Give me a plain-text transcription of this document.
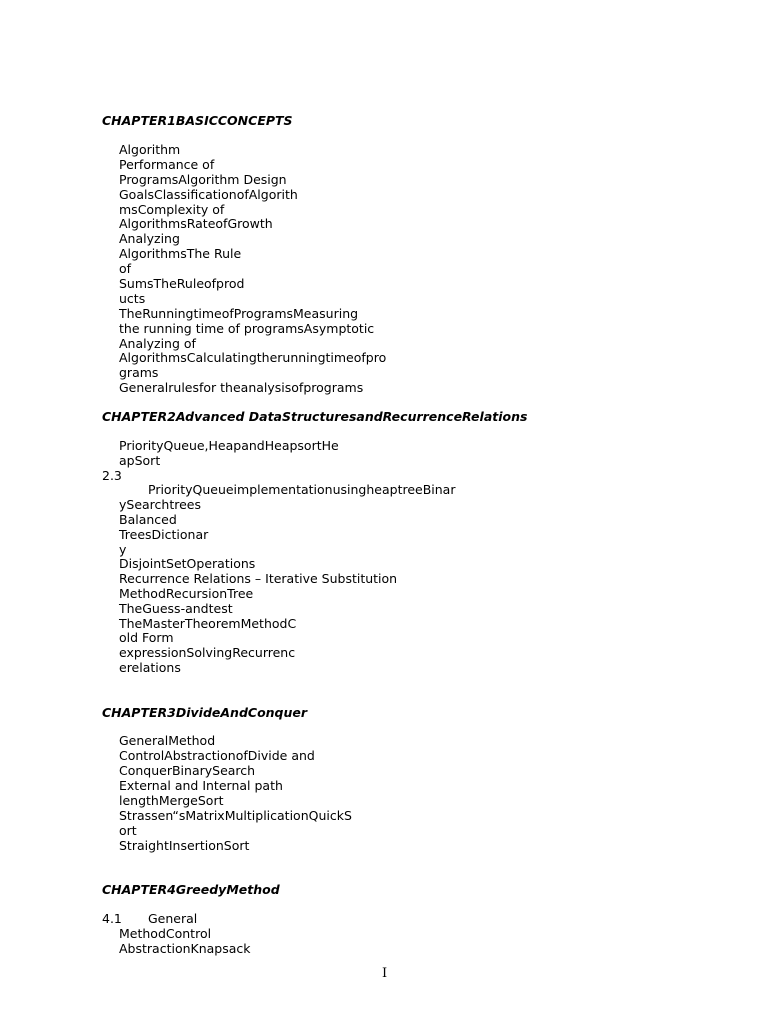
CHAPTER1BASICCONCEPTS
Algorithm
Performance of
ProgramsAlgorithm Design
GoalsClassificationofAlgorith
msComplexity of
AlgorithmsRateofGrowth
Analyzing
AlgorithmsThe Rule
of
SumsTheRuleofprod
ucts
TheRunningtimeofProgramsMeasuring
the running time of programsAsymptotic
Analyzing of
AlgorithmsCalculatingtherunningtimeofpro
grams
Generalrulesfor theanalysisofprograms
CHAPTER2Advanced DataStructuresandRecurrenceRelations
PriorityQueue,HeapandHeapsortHe
apSort
2.3
PriorityQueueimplementationusingheaptreeBinar
ySearchtrees
Balanced
TreesDictionar
y
DisjointSetOperations
Recurrence Relations – Iterative Substitution
MethodRecursionTree
TheGuess-andtest
TheMasterTheoremMethodC
old Form
expressionSolvingRecurrenc
erelations
CHAPTER3DivideAndConquer
GeneralMethod
ControlAbstractionofDivide and
ConquerBinarySearch
External and Internal path
lengthMergeSort
Strassen“sMatrixMultiplicationQuickS
ort
StraightInsertionSort
CHAPTER4GreedyMethod
4.1 General
MethodControl
AbstractionKnapsack
I
